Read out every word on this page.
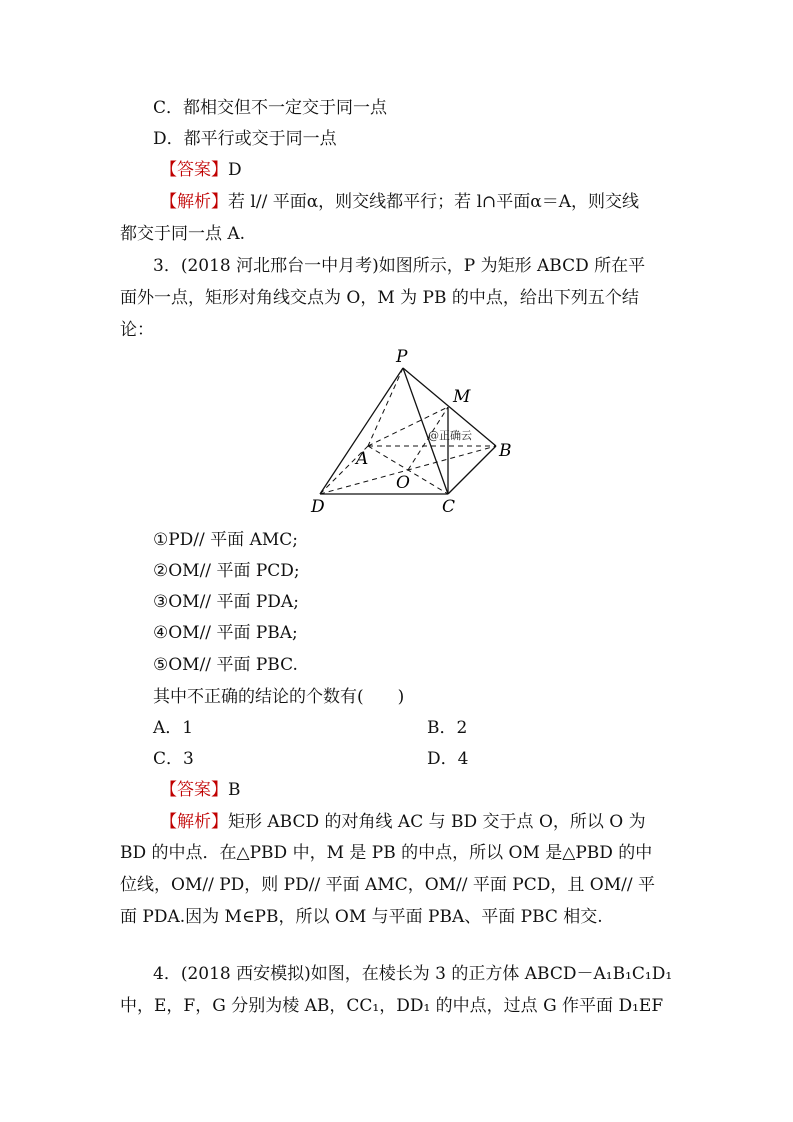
C．都相交但不一定交于同一点
D．都平行或交于同一点
【答案】D
【解析】若 l// 平面α，则交线都平行；若 l∩平面α＝A，则交线
都交于同一点 A.
3．(2018 河北邢台一中月考)如图所示，P 为矩形 ABCD 所在平
面外一点，矩形对角线交点为 O，M 为 PB 的中点，给出下列五个结
论：
P
M
A	B
O
D	C
@正确云
①PD// 平面 AMC;
②OM// 平面 PCD;
③OM// 平面 PDA;
④OM// 平面 PBA;
⑤OM// 平面 PBC.
其中不正确的结论的个数有(　　)
A．1	B．2
C．3	D．4
【答案】B
【解析】矩形 ABCD 的对角线 AC 与 BD 交于点 O，所以 O 为
BD 的中点．在△PBD 中，M 是 PB 的中点，所以 OM 是△PBD 的中
位线，OM// PD，则 PD// 平面 AMC，OM// 平面 PCD，且 OM// 平
面 PDA.因为 M∈PB，所以 OM 与平面 PBA、平面 PBC 相交.
4．(2018 西安模拟)如图，在棱长为 3 的正方体 ABCD－A₁B₁C₁D₁
中，E，F，G 分别为棱 AB，CC₁，DD₁ 的中点，过点 G 作平面 D₁EF
